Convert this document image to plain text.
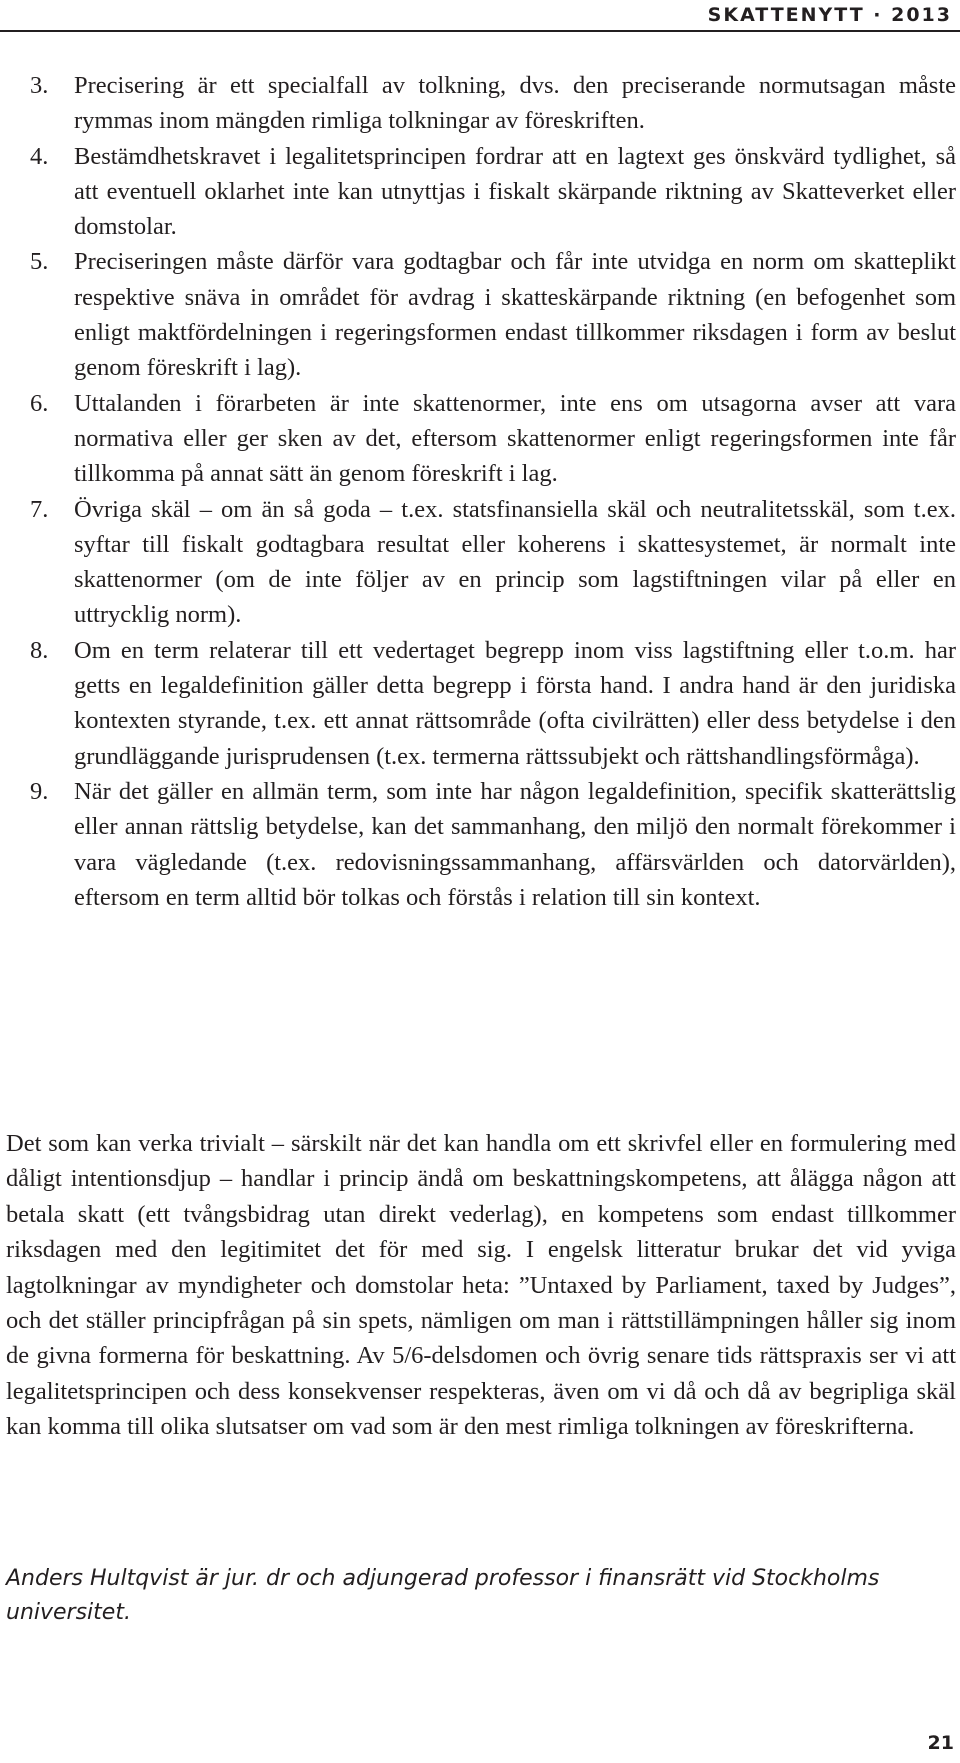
SKATTENYTT · 2013
3. Precisering är ett specialfall av tolkning, dvs. den preciserande normutsagan måste rymmas inom mängden rimliga tolkningar av föreskriften.
4. Bestämdhetskravet i legalitetsprincipen fordrar att en lagtext ges önskvärd tydlighet, så att eventuell oklarhet inte kan utnyttjas i fiskalt skärpande riktning av Skatteverket eller domstolar.
5. Preciseringen måste därför vara godtagbar och får inte utvidga en norm om skatteplikt respektive snäva in området för avdrag i skatteskärpande riktning (en befogenhet som enligt maktfördelningen i regeringsformen endast tillkommer riksdagen i form av beslut genom föreskrift i lag).
6. Uttalanden i förarbeten är inte skattenormer, inte ens om utsagorna avser att vara normativa eller ger sken av det, eftersom skattenormer enligt regeringsformen inte får tillkomma på annat sätt än genom föreskrift i lag.
7. Övriga skäl – om än så goda – t.ex. statsfinansiella skäl och neutralitetsskäl, som t.ex. syftar till fiskalt godtagbara resultat eller koherens i skattesystemet, är normalt inte skattenormer (om de inte följer av en princip som lagstiftningen vilar på eller en uttrycklig norm).
8. Om en term relaterar till ett vedertaget begrepp inom viss lagstiftning eller t.o.m. har getts en legaldefinition gäller detta begrepp i första hand. I andra hand är den juridiska kontexten styrande, t.ex. ett annat rättsområde (ofta civilrätten) eller dess betydelse i den grundläggande jurisprudensen (t.ex. termerna rättssubjekt och rättshandlingsförmåga).
9. När det gäller en allmän term, som inte har någon legaldefinition, specifik skatterättslig eller annan rättslig betydelse, kan det sammanhang, den miljö den normalt förekommer i vara vägledande (t.ex. redovisningssammanhang, affärsvärlden och datorvärlden), eftersom en term alltid bör tolkas och förstås i relation till sin kontext.

Det som kan verka trivialt – särskilt när det kan handla om ett skrivfel eller en formulering med dåligt intentionsdjup – handlar i princip ändå om beskattningskompetens, att ålägga någon att betala skatt (ett tvångsbidrag utan direkt vederlag), en kompetens som endast tillkommer riksdagen med den legitimitet det för med sig. I engelsk litteratur brukar det vid yviga lagtolkningar av myndigheter och domstolar heta: ”Untaxed by Parliament, taxed by Judges”, och det ställer principfrågan på sin spets, nämligen om man i rättstillämpningen håller sig inom de givna formerna för beskattning. Av 5/6-delsdomen och övrig senare tids rättspraxis ser vi att legalitetsprincipen och dess konsekvenser respekteras, även om vi då och då av begripliga skäl kan komma till olika slutsatser om vad som är den mest rimliga tolkningen av föreskrifterna.

Anders Hultqvist är jur. dr och adjungerad professor i finansrätt vid Stockholms universitet.

21
